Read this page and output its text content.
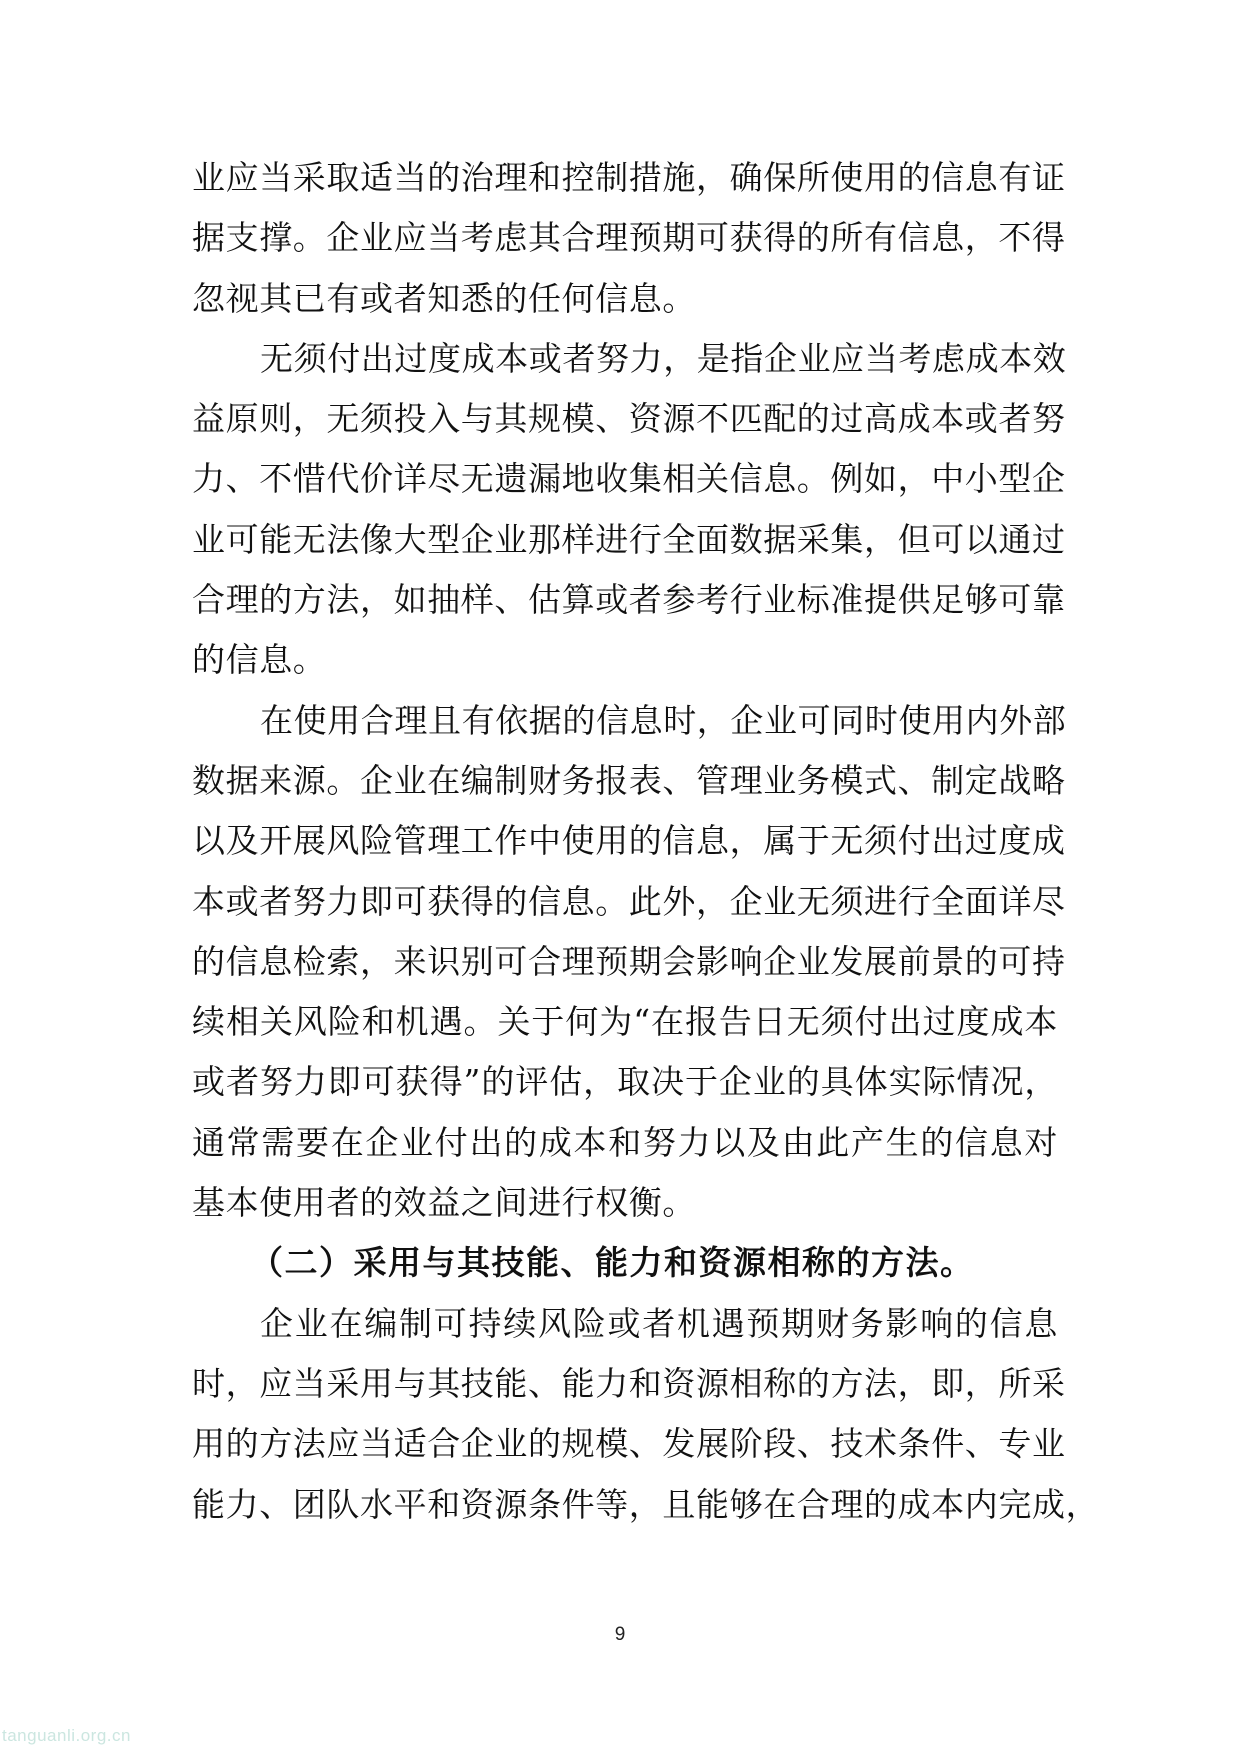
业应当采取适当的治理和控制措施，确保所使用的信息有证
据支撑。企业应当考虑其合理预期可获得的所有信息，不得
忽视其已有或者知悉的任何信息。
无须付出过度成本或者努力，是指企业应当考虑成本效
益原则，无须投入与其规模、资源不匹配的过高成本或者努
力、不惜代价详尽无遗漏地收集相关信息。例如，中小型企
业可能无法像大型企业那样进行全面数据采集，但可以通过
合理的方法，如抽样、估算或者参考行业标准提供足够可靠
的信息。
在使用合理且有依据的信息时，企业可同时使用内外部
数据来源。企业在编制财务报表、管理业务模式、制定战略
以及开展风险管理工作中使用的信息，属于无须付出过度成
本或者努力即可获得的信息。此外，企业无须进行全面详尽
的信息检索，来识别可合理预期会影响企业发展前景的可持
续相关风险和机遇。关于何为“在报告日无须付出过度成本
或者努力即可获得”的评估，取决于企业的具体实际情况，
通常需要在企业付出的成本和努力以及由此产生的信息对
基本使用者的效益之间进行权衡。
（二）采用与其技能、能力和资源相称的方法。
企业在编制可持续风险或者机遇预期财务影响的信息
时，应当采用与其技能、能力和资源相称的方法，即，所采
用的方法应当适合企业的规模、发展阶段、技术条件、专业
能力、团队水平和资源条件等，且能够在合理的成本内完成，
9
tanguanli.org.cn
